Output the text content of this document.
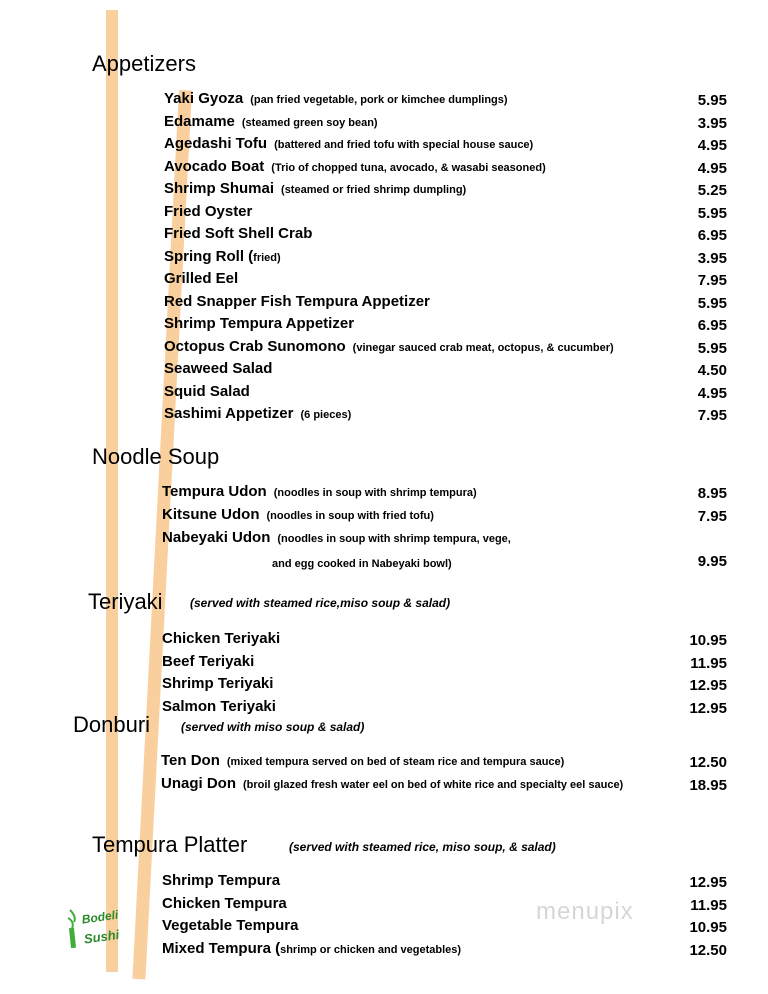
Appetizers
Yaki Gyoza (pan fried vegetable, pork or kimchee dumplings)	5.95
Edamame (steamed green soy bean)	3.95
Agedashi Tofu (battered and fried tofu with special house sauce)	4.95
Avocado Boat (Trio of chopped tuna, avocado, & wasabi seasoned)	4.95
Shrimp Shumai (steamed or fried shrimp dumpling)	5.25
Fried Oyster	5.95
Fried Soft Shell Crab	6.95
Spring Roll ( fried)	3.95
Grilled Eel	7.95
Red Snapper Fish Tempura Appetizer	5.95
Shrimp Tempura Appetizer	6.95
Octopus Crab Sunomono (vinegar sauced crab meat, octopus, & cucumber)	5.95
Seaweed Salad	4.50
Squid Salad	4.95
Sashimi Appetizer (6 pieces)	7.95
Noodle Soup
Tempura Udon (noodles in soup with shrimp tempura)	8.95
Kitsune Udon (noodles in soup with fried tofu)	7.95
Nabeyaki Udon (noodles in soup with shrimp tempura, vege,
and egg cooked in Nabeyaki bowl)	9.95
Teriyaki (served with steamed rice,miso soup & salad)
Chicken Teriyaki	10.95
Beef Teriyaki	11.95
Shrimp Teriyaki	12.95
Salmon Teriyaki	12.95
Donburi	(served with miso soup & salad)
Ten Don (mixed tempura served on bed of steam rice and tempura sauce)	12.50
Unagi Don (broil glazed fresh water eel on bed of white rice and specialty eel sauce)	18.95
Tempura Platter	(served with steamed rice, miso soup, & salad)
Shrimp Tempura	12.95
Chicken Tempura	11.95
Vegetable Tempura	10.95
Mixed Tempura ( shrimp or chicken and vegetables)	12.50
Bodeli
Sushi
menupix
